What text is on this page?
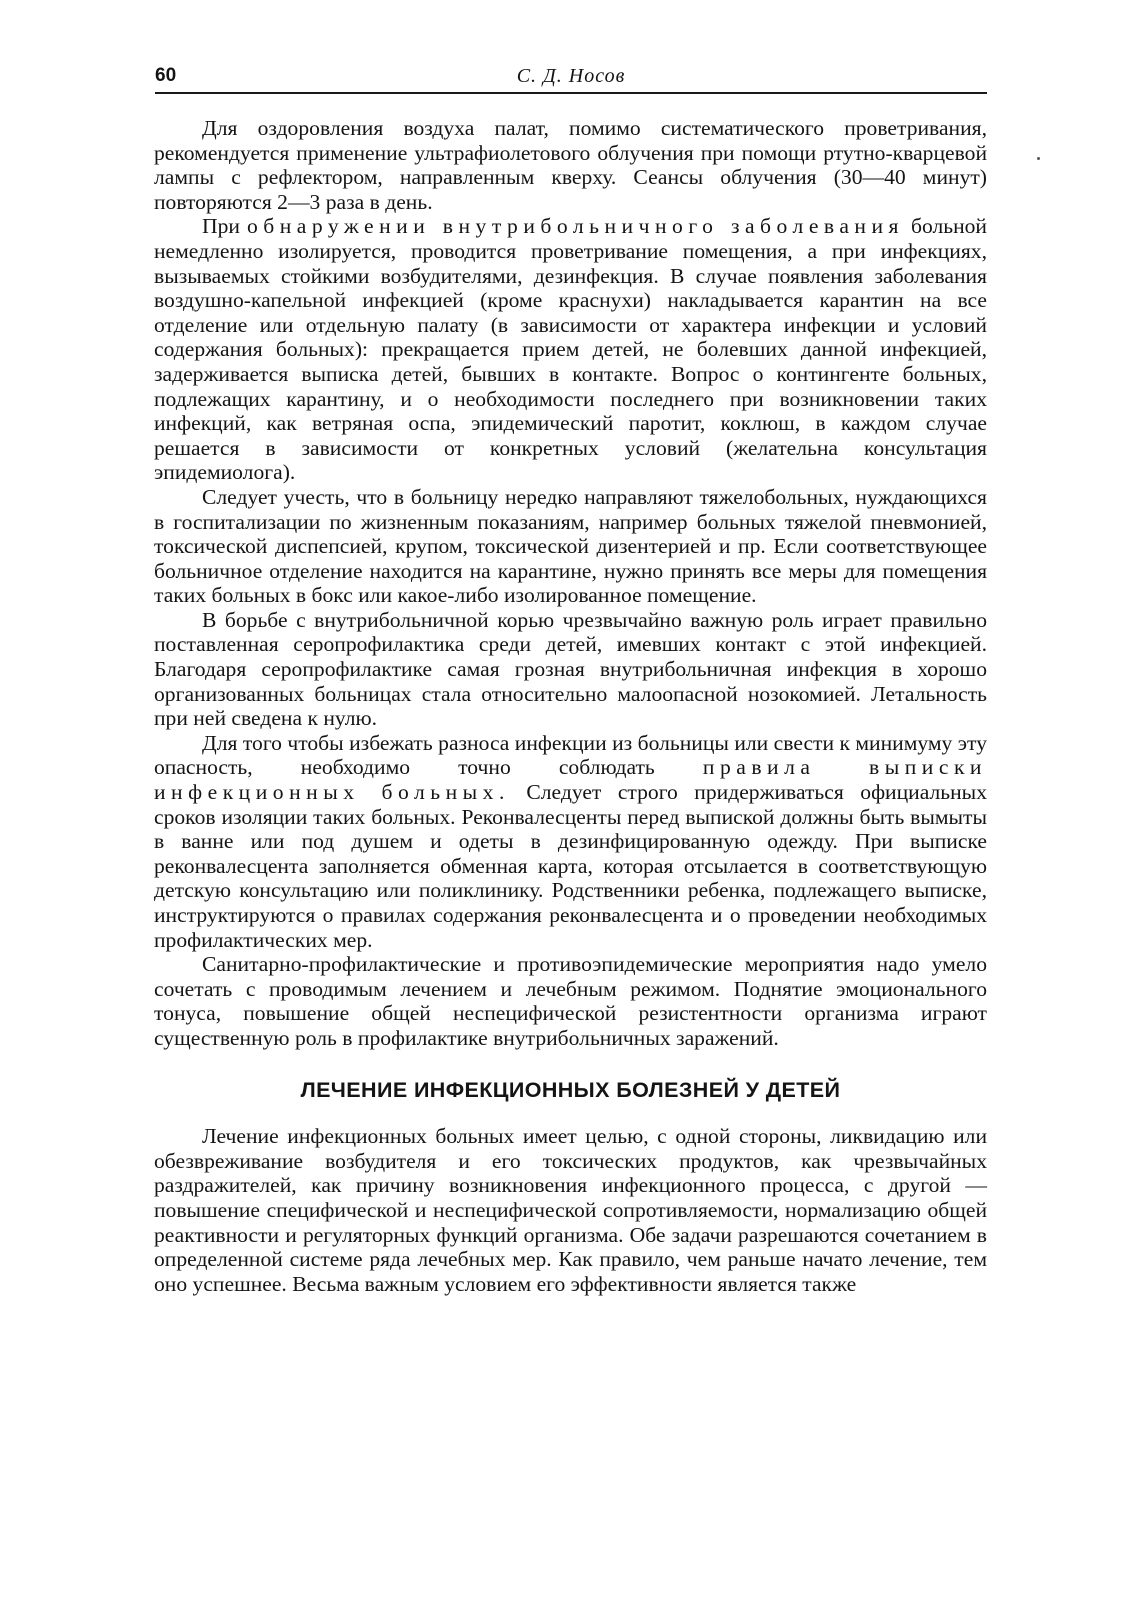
60	С. Д. Носов

Для оздоровления воздуха палат, помимо систематического проветривания, рекомендуется применение ультрафиолетового облучения при помощи ртутно-кварцевой лампы с рефлектором, направленным кверху. Сеансы облучения (30—40 минут) повторяются 2—3 раза в день.

При обнаружении внутрибольничного заболевания больной немедленно изолируется, проводится проветривание помещения, а при инфекциях, вызываемых стойкими возбудителями, дезинфекция. В случае появления заболевания воздушно-капельной инфекцией (кроме краснухи) накладывается карантин на все отделение или отдельную палату (в зависимости от характера инфекции и условий содержания больных): прекращается прием детей, не болевших данной инфекцией, задерживается выписка детей, бывших в контакте. Вопрос о контингенте больных, подлежащих карантину, и о необходимости последнего при возникновении таких инфекций, как ветряная оспа, эпидемический паротит, коклюш, в каждом случае решается в зависимости от конкретных условий (желательна консультация эпидемиолога).

Следует учесть, что в больницу нередко направляют тяжелобольных, нуждающихся в госпитализации по жизненным показаниям, например больных тяжелой пневмонией, токсической диспепсией, крупом, токсической дизентерией и пр. Если соответствующее больничное отделение находится на карантине, нужно принять все меры для помещения таких больных в бокс или какое-либо изолированное помещение.

В борьбе с внутрибольничной корью чрезвычайно важную роль играет правильно поставленная серопрофилактика среди детей, имевших контакт с этой инфекцией. Благодаря серопрофилактике самая грозная внутрибольничная инфекция в хорошо организованных больницах стала относительно малоопасной нозокомией. Летальность при ней сведена к нулю.

Для того чтобы избежать разноса инфекции из больницы или свести к минимуму эту опасность, необходимо точно соблюдать правила выписки инфекционных больных. Следует строго придерживаться официальных сроков изоляции таких больных. Реконвалесценты перед выпиской должны быть вымыты в ванне или под душем и одеты в дезинфицированную одежду. При выписке реконвалесцента заполняется обменная карта, которая отсылается в соответствующую детскую консультацию или поликлинику. Родственники ребенка, подлежащего выписке, инструктируются о правилах содержания реконвалесцента и о проведении необходимых профилактических мер.

Санитарно-профилактические и противоэпидемические мероприятия надо умело сочетать с проводимым лечением и лечебным режимом. Поднятие эмоционального тонуса, повышение общей неспецифической резистентности организма играют существенную роль в профилактике внутрибольничных заражений.

ЛЕЧЕНИЕ ИНФЕКЦИОННЫХ БОЛЕЗНЕЙ У ДЕТЕЙ

Лечение инфекционных больных имеет целью, с одной стороны, ликвидацию или обезвреживание возбудителя и его токсических продуктов, как чрезвычайных раздражителей, как причину возникновения инфекционного процесса, с другой — повышение специфической и неспецифической сопротивляемости, нормализацию общей реактивности и регуляторных функций организма. Обе задачи разрешаются сочетанием в определенной системе ряда лечебных мер. Как правило, чем раньше начато лечение, тем оно успешнее. Весьма важным условием его эффективности является также
